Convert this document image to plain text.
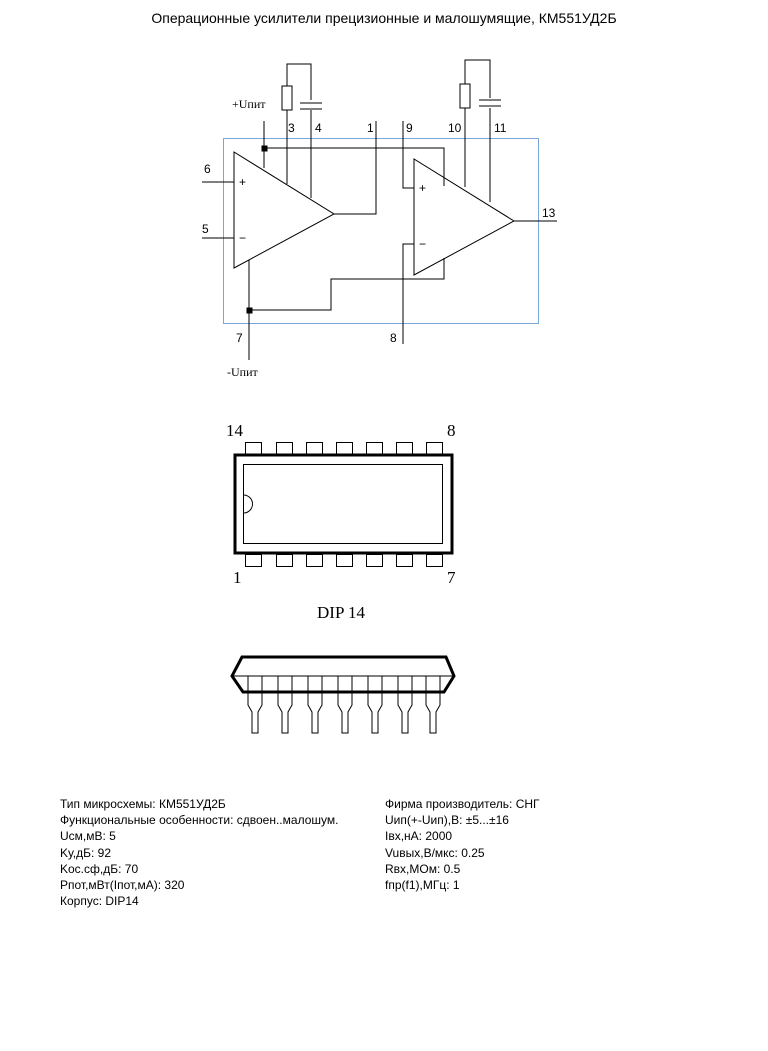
Операционные усилители прецизионные и малошумящие, КМ551УД2Б
+Uпит
-Uпит
+
−
+
−
6
5
3 4	1	9	10	11
13
7	8
14	8
1	7
DIP 14
Тип микросхемы: КМ551УД2Б
Функциональные особенности: сдвоен..малошум.
Uсм,мВ: 5
Kу,дБ: 92
Kос.сф,дБ: 70
Pпот,мВт(Iпот,мА): 320
Корпус: DIP14
Фирма производитель: СНГ
Uип(+-Uип),В: ±5...±16
Iвх,нА: 2000
Vuвых,В/мкс: 0.25
Rвх,МОм: 0.5
fпр(f1),МГц: 1
